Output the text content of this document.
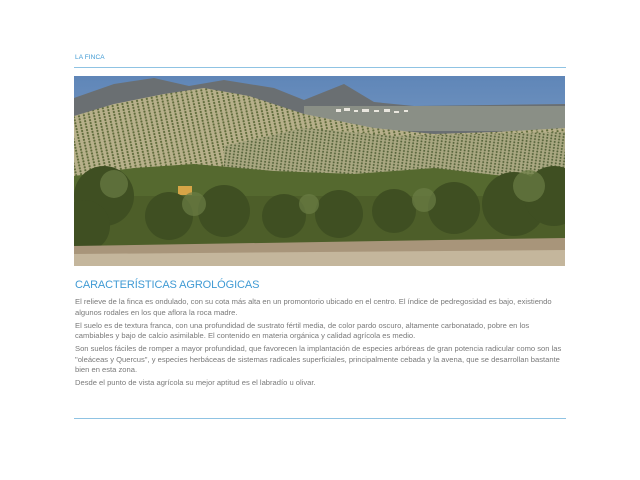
LA FINCA
CARACTERÍSTICAS AGROLÓGICAS

El relieve de la finca es ondulado, con su cota más alta en un promontorio ubicado en el centro. El índice de pedregosidad es bajo, existiendo algunos rodales en los que aflora la roca madre.

El suelo es de textura franca, con una profundidad de sustrato fértil media, de color pardo oscuro, altamente carbonatado, pobre en los cambiables y bajo de calcio asimilable. El contenido en materia orgánica y calidad agrícola es medio.

Son suelos fáciles de romper a mayor profundidad, que favorecen la implantación de especies arbóreas de gran potencia radicular como son las "oleáceas y Quercus", y especies herbáceas de sistemas radicales superficiales, principalmente cebada y la avena, que se desarrollan bastante bien en esta zona.

Desde el punto de vista agrícola su mejor aptitud es el labradío u olivar.
